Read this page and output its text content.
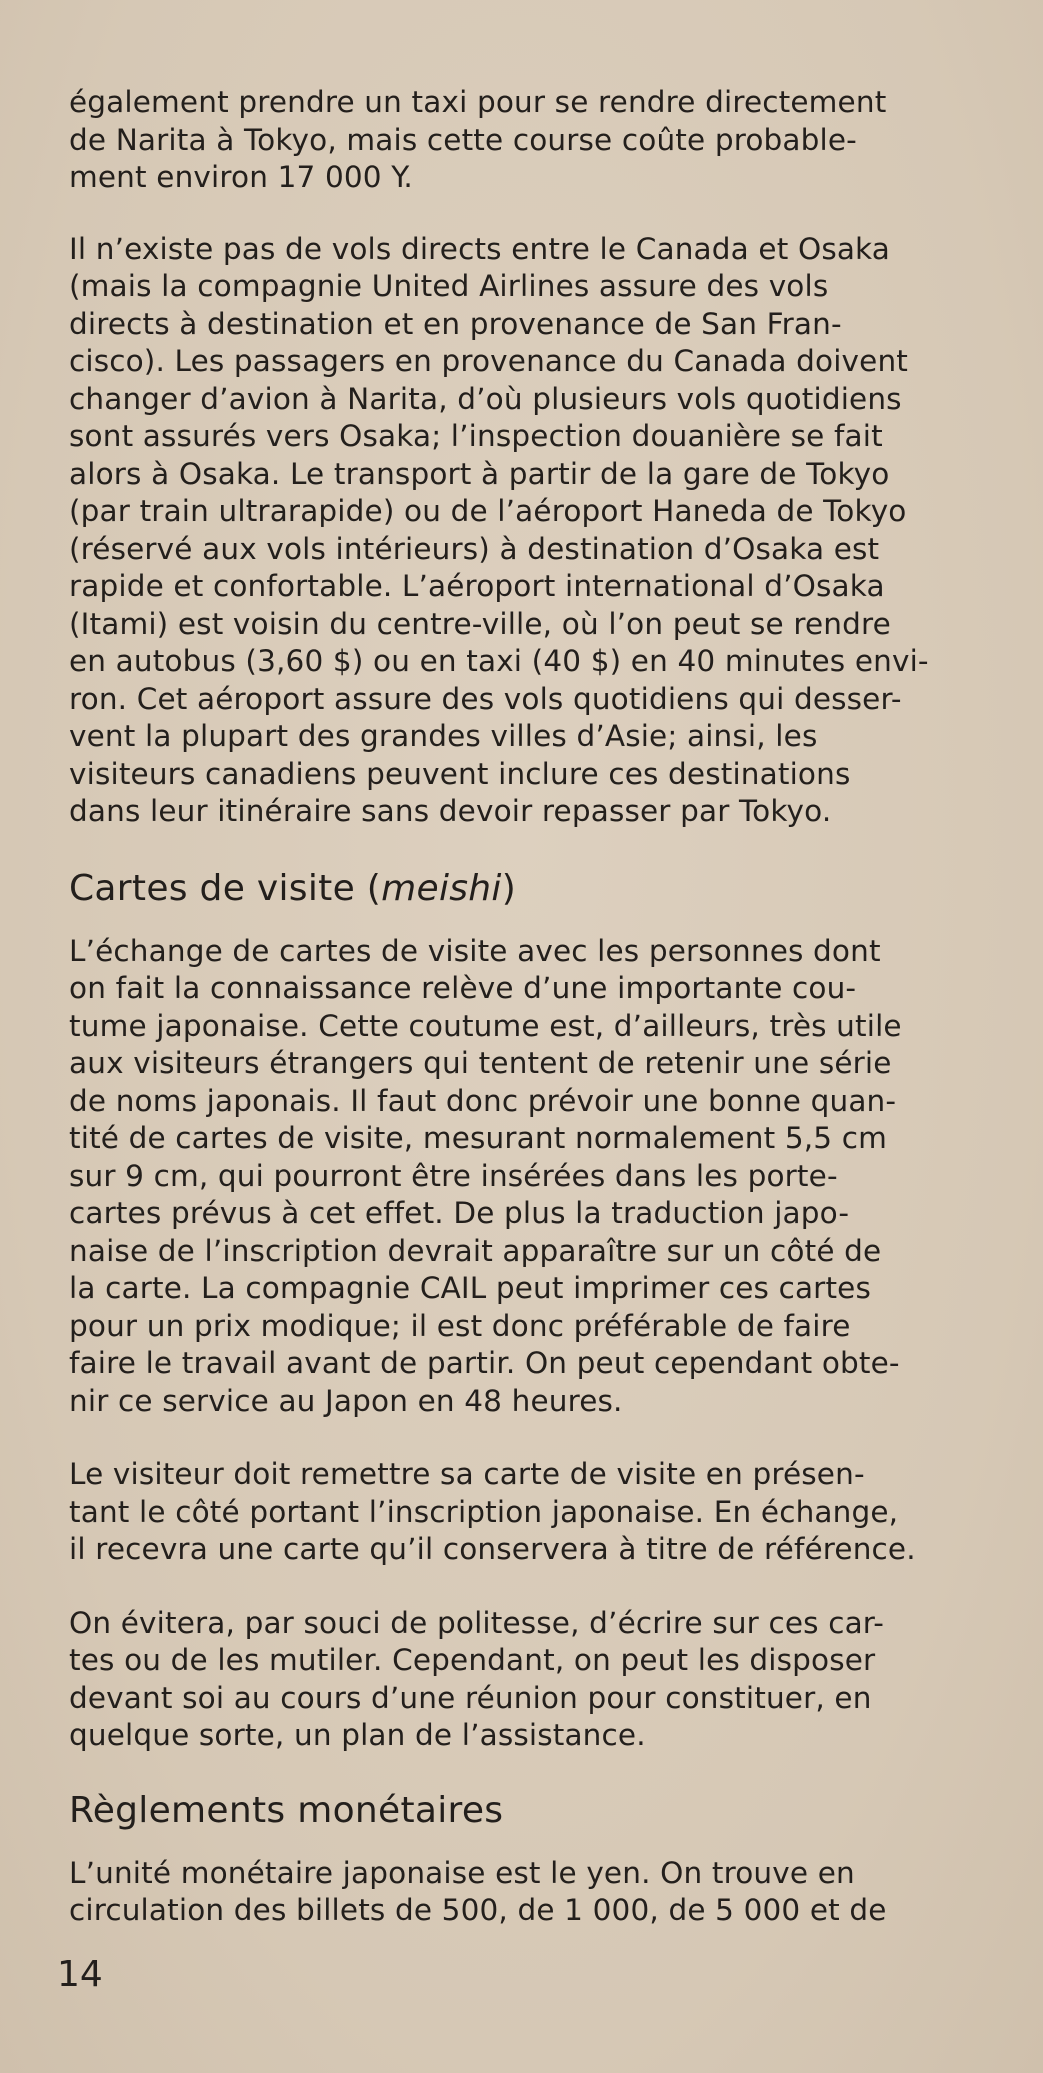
également prendre un taxi pour se rendre directement
de Narita à Tokyo, mais cette course coûte probable-
ment environ 17 000 Y.

Il n’existe pas de vols directs entre le Canada et Osaka
(mais la compagnie United Airlines assure des vols
directs à destination et en provenance de San Fran-
cisco). Les passagers en provenance du Canada doivent
changer d’avion à Narita, d’où plusieurs vols quotidiens
sont assurés vers Osaka; l’inspection douanière se fait
alors à Osaka. Le transport à partir de la gare de Tokyo
(par train ultrarapide) ou de l’aéroport Haneda de Tokyo
(réservé aux vols intérieurs) à destination d’Osaka est
rapide et confortable. L’aéroport international d’Osaka
(Itami) est voisin du centre-ville, où l’on peut se rendre
en autobus (3,60 $) ou en taxi (40 $) en 40 minutes envi-
ron. Cet aéroport assure des vols quotidiens qui desser-
vent la plupart des grandes villes d’Asie; ainsi, les
visiteurs canadiens peuvent inclure ces destinations
dans leur itinéraire sans devoir repasser par Tokyo.

Cartes de visite (meishi)

L’échange de cartes de visite avec les personnes dont
on fait la connaissance relève d’une importante cou-
tume japonaise. Cette coutume est, d’ailleurs, très utile
aux visiteurs étrangers qui tentent de retenir une série
de noms japonais. Il faut donc prévoir une bonne quan-
tité de cartes de visite, mesurant normalement 5,5 cm
sur 9 cm, qui pourront être insérées dans les porte-
cartes prévus à cet effet. De plus la traduction japo-
naise de l’inscription devrait apparaître sur un côté de
la carte. La compagnie CAIL peut imprimer ces cartes
pour un prix modique; il est donc préférable de faire
faire le travail avant de partir. On peut cependant obte-
nir ce service au Japon en 48 heures.

Le visiteur doit remettre sa carte de visite en présen-
tant le côté portant l’inscription japonaise. En échange,
il recevra une carte qu’il conservera à titre de référence.

On évitera, par souci de politesse, d’écrire sur ces car-
tes ou de les mutiler. Cependant, on peut les disposer
devant soi au cours d’une réunion pour constituer, en
quelque sorte, un plan de l’assistance.

Règlements monétaires

L’unité monétaire japonaise est le yen. On trouve en
circulation des billets de 500, de 1 000, de 5 000 et de

14
